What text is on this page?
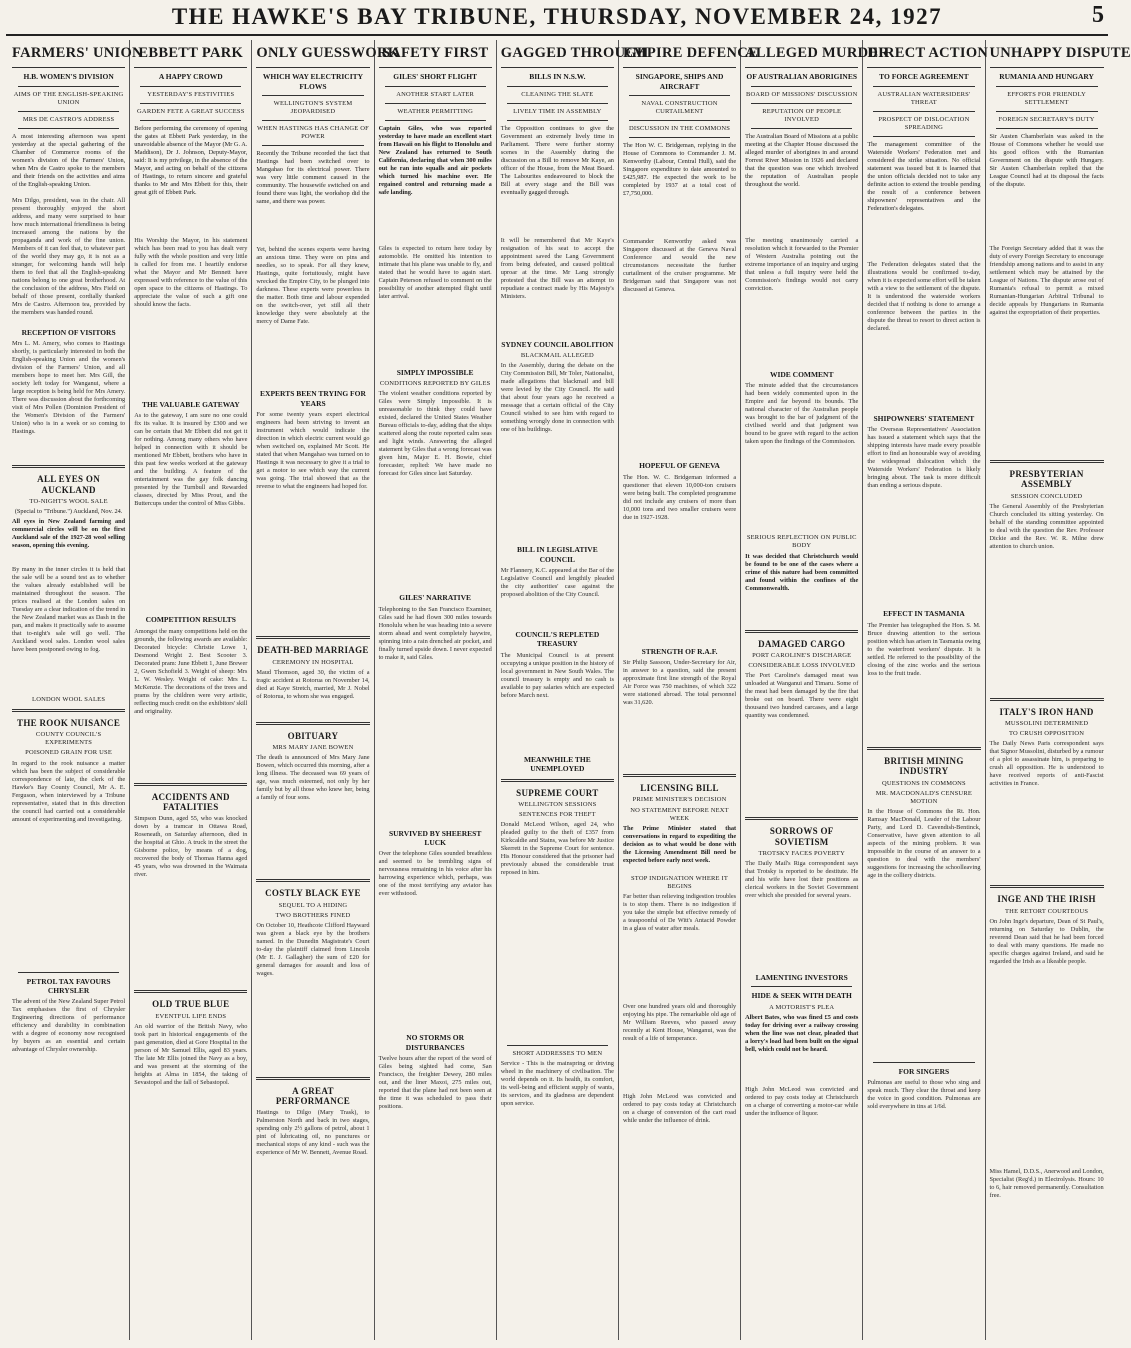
THE HAWKE'S BAY TRIBUNE, THURSDAY, NOVEMBER 24, 1927	5
FARMERS' UNION
H.B. WOMEN'S DIVISION
AIMS OF THE ENGLISH-SPEAKING UNION
MRS DE CASTRO'S ADDRESS
A most interesting afternoon was spent yesterday at the special gathering of the Chamber of Commerce rooms of the women's division of the Farmers' Union, when Mrs de Castro spoke to the members and their friends on the activities and aims of the English-speaking Union.
Mrs Dilgo, president, was in the chair. All present thoroughly enjoyed the short address, and many were surprised to hear how much international friendliness is being increased among the nations by the propaganda and work of the fine union. Members of it can feel that, to whatever part of the world they may go, it is not as a stranger, for welcoming hands will help them to feel that all the English-speaking nations belong to one great brotherhood. At the conclusion of the address, Mrs Field on behalf of those present, cordially thanked Mrs de Castro. Afternoon tea, provided by the members was handed round.
RECEPTION OF VISITORS
Mrs L. M. Amery, who comes to Hastings shortly, is particularly interested in both the English-speaking Union and the women's division of the Farmers' Union, and all members hope to meet her. Mrs Gill, the society left today for Wanganui, where a large reception is being held for Mrs Amery. There was discussion about the forthcoming visit of Mrs Pollen (Dominion President of the Women's Division of the Farmers' Union) who is in a week or so coming to Hastings.
ALL EYES ON AUCKLAND
TO-NIGHT'S WOOL SALE
(Special to "Tribune.") Auckland, Nov. 24.
All eyes in New Zealand farming and commercial circles will be on the first Auckland sale of the 1927-28 wool selling season, opening this evening.
By many in the inner circles it is held that the sale will be a sound test as to whether the values already established will be maintained throughout the season. The prices realised at the London sales on Tuesday are a clear indication of the trend in the New Zealand market was as Dash in the pan, and makes it practically safe to assume that to-night's sale will go well. The Auckland wool sales. London wool sales have been postponed owing to fog.
LONDON WOOL SALES
THE ROOK NUISANCE
COUNTY COUNCIL'S EXPERIMENTS
POISONED GRAIN FOR USE
In regard to the rook nuisance a matter which has been the subject of considerable correspondence of late, the clerk of the Hawke's Bay County Council, Mr A. E. Ferguson, when interviewed by a Tribune representative, stated that in this direction the council had carried out a considerable amount of experimenting and investigating.
PETROL TAX FAVOURS CHRYSLER
The advent of the New Zealand Super Petrol Tax emphasises the first of Chrysler Engineering directions of performance efficiency and durability in combination with a degree of economy now recognised by buyers as an essential and certain advantage of Chrysler ownership.
EBBETT PARK
A HAPPY CROWD
YESTERDAY'S FESTIVITIES
GARDEN FETE A GREAT SUCCESS
Before performing the ceremony of opening the gates at Ebbett Park yesterday, in the unavoidable absence of the Mayor (Mr G. A. Maddison), Dr J. Johnson, Deputy-Mayor, said: It is my privilege, in the absence of the Mayor, and acting on behalf of the citizens of Hastings, to return sincere and grateful thanks to Mr and Mrs Ebbett for this, their great gift of Ebbett Park.
His Worship the Mayor, in his statement which has been read to you has dealt very fully with the whole position and very little is called for from me. I heartily endorse what the Mayor and Mr Bennett have expressed with reference to the value of this open space to the citizens of Hastings. To appreciate the value of such a gift one should know the facts.
THE VALUABLE GATEWAY
As to the gateway, I am sure no one could fix its value. It is insured by £300 and we can be certain that Mr Ebbett did not get it for nothing. Among many others who have helped in connection with it should be mentioned Mr Ebbett, brothers who have in this past few weeks worked at the gateway and the building. A feature of the entertainment was the gay folk dancing presented by the Turnbull and Rewarded classes, directed by Miss Prout, and the Buttercups under the control of Miss Gibbs.
COMPETITION RESULTS
Amongst the many competitions held on the grounds, the following awards are available: Decorated bicycle: Christie Lowe 1, Desmond Wright 2. Best Scooter 3. Decorated pram: June Ebbett 1, June Brewer 2, Gwen Schofield 3. Weight of sheep: Mrs L. W. Wesley. Weight of cake: Mrs L. McKenzie. The decorations of the trees and prams by the children were very artistic, reflecting much credit on the exhibitors' skill and originality.
ACCIDENTS AND FATALITIES
Simpson Dunn, aged 55, who was knocked down by a tramcar in Ottawa Road, Roseneath, on Saturday afternoon, died in the hospital at Ghio. A truck in the street the Gisborne police, by means of a dog, recovered the body of Thomas Hanna aged 45 years, who was drowned in the Waimata river.
OLD TRUE BLUE
EVENTFUL LIFE ENDS
An old warrior of the British Navy, who took part in historical engagements of the past generation, died at Gore Hospital in the person of Mr Samuel Ellis, aged 83 years. The late Mr Ellis joined the Navy as a boy, and was present at the storming of the heights at Alma in 1854, the taking of Sevastopol and the fall of Sebastopol.
ONLY GUESSWORK
WHICH WAY ELECTRICITY FLOWS
WELLINGTON'S SYSTEM JEOPARDISED
WHEN HASTINGS HAS CHANGE OF POWER
Recently the Tribune recorded the fact that Hastings had been switched over to Mangahao for its electrical power. There was very little comment caused in the community. The housewife switched on and found there was light, the workshop did the same, and there was power.
Yet, behind the scenes experts were having an anxious time. They were on pins and needles, so to speak. For all they knew, Hastings, quite fortuitously, might have wrecked the Empire City, to be plunged into darkness. These experts were powerless in the matter. Both time and labour expended on the switch-over, yet still all their knowledge they were absolutely at the mercy of Dame Fate.
EXPERTS BEEN TRYING FOR YEARS
For some twenty years expert electrical engineers had been striving to invent an instrument which would indicate the direction in which electric current would go when switched on, explained Mr Scott. He stated that when Mangahao was turned on to Hastings it was necessary to give it a trial to get a motor to see which way the current was going. The trial showed that as the reverse to what the engineers had hoped for.
DEATH-BED MARRIAGE
CEREMONY IN HOSPITAL
Maud Thomson, aged 30, the victim of a tragic accident at Rotorua on November 14, died at Kaye Stretch, married, Mr J. Nobel of Rotorua, to whom she was engaged.
OBITUARY
MRS MARY JANE BOWEN
The death is announced of Mrs Mary Jane Bowen, which occurred this morning, after a long illness. The deceased was 69 years of age, was much esteemed, not only by her family but by all those who knew her, being a family of four sons.
COSTLY BLACK EYE
SEQUEL TO A HIDING
TWO BROTHERS FINED
On October 10, Heathcote Clifford Hayward was given a black eye by the brothers named. In the Dunedin Magistrate's Court to-day the plaintiff claimed from Lincoln (Mr E. J. Gallagher) the sum of £20 for general damages for assault and loss of wages.
A GREAT PERFORMANCE
Hastings to Dilgo (Mary Trask), to Palmerston North and back in two stages, spending only 2½ gallons of petrol, about 1 pint of lubricating oil, no punctures or mechanical stops of any kind - such was the experience of Mr W. Bennett, Avenue Road.
SAFETY FIRST
GILES' SHORT FLIGHT
ANOTHER START LATER
WEATHER PERMITTING
Captain Giles, who was reported yesterday to have made an excellent start from Hawaii on his flight to Honolulu and New Zealand has returned to South California, declaring that when 300 miles out he ran into squalls and air pockets which turned his machine over. He regained control and returning made a safe landing.
Giles is expected to return here today by automobile. He omitted his intention to intimate that his plane was unable to fly, and stated that he would have to again start. Captain Peterson refused to comment on the possibility of another attempted flight until later arrival.
SIMPLY IMPOSSIBLE
CONDITIONS REPORTED BY GILES
The violent weather conditions reported by Giles were Simply impossible. It is unreasonable to think they could have existed, declared the United States Weather Bureau officials to-day, adding that the ships scattered along the route reported calm seas and light winds. Answering the alleged statement by Giles that a wrong forecast was given him, Major E. H. Bowie, chief forecaster, replied: We have made no forecast for Giles since last Saturday.
GILES' NARRATIVE
Telephoning to the San Francisco Examiner, Giles said he had flown 300 miles towards Honolulu when he was heading into a severe storm ahead and went completely haywire, spinning into a rain drenched air pocket, and finally turned upside down. I never expected to make it, said Giles.
SURVIVED BY SHEEREST LUCK
Over the telephone Giles sounded breathless and seemed to be trembling signs of nervousness remaining in his voice after his harrowing experience which, perhaps, was one of the most terrifying any aviator has ever withstood.
NO STORMS OR DISTURBANCES
Twelve hours after the report of the word of Giles being sighted had come, San Francisco, the freighter Dewey, 280 miles out, and the liner Maxoi, 275 miles out, reported that the plane had not been seen at the time it was scheduled to pass their positions.
GAGGED THROUGH
BILLS IN N.S.W.
CLEANING THE SLATE
LIVELY TIME IN ASSEMBLY
The Opposition continues to give the Government an extremely lively time in Parliament. There were further stormy scenes in the Assembly during the discussion on a Bill to remove Mr Kaye, an officer of the House, from the Meat Board. The Labourites endeavoured to block the Bill at every stage and the Bill was eventually gagged through.
It will be remembered that Mr Kaye's resignation of his seat to accept the appointment saved the Lang Government from being defeated, and caused political uproar at the time. Mr Lang strongly protested that the Bill was an attempt to repudiate a contract made by His Majesty's Ministers.
SYDNEY COUNCIL ABOLITION
BLACKMAIL ALLEGED
In the Assembly, during the debate on the City Commission Bill, Mr Toler, Nationalist, made allegations that blackmail and bill were levied by the City Council. He said that about four years ago he received a message that a certain official of the City Council wished to see him with regard to something wrongly done in connection with one of his buildings.
BILL IN LEGISLATIVE COUNCIL
Mr Flannery, K.C. appeared at the Bar of the Legislative Council and lengthily pleaded the city authorities' case against the proposed abolition of the City Council.
COUNCIL'S REPLETED TREASURY
The Municipal Council is at present occupying a unique position in the history of local government in New South Wales. The council treasury is empty and no cash is available to pay salaries which are expected before March next.
MEANWHILE THE UNEMPLOYED
SUPREME COURT
WELLINGTON SESSIONS
SENTENCES FOR THEFT
Donald McLeod Wilson, aged 24, who pleaded guilty to the theft of £357 from Kirkcaldie and Stains, was before Mr Justice Skerrett in the Supreme Court for sentence. His Honour considered that the prisoner had previously abused the considerable trust reposed in him.
SHORT ADDRESSES TO MEN
Service - This is the mainspring or driving wheel in the machinery of civilisation. The world depends on it. Its health, its comfort, its well-being and efficient supply of wants, its services, and its gladness are dependent upon service.
EMPIRE DEFENCE
SINGAPORE, SHIPS AND AIRCRAFT
NAVAL CONSTRUCTION CURTAILMENT
DISCUSSION IN THE COMMONS
The Hon W. C. Bridgeman, replying in the House of Commons to Commander J. M. Kenworthy (Labour, Central Hull), said the Singapore expenditure to date amounted to £425,987. He expected the work to be completed by 1937 at a total cost of £7,750,000.
Commander Kenworthy asked was Singapore discussed at the Geneva Naval Conference and would the new circumstances necessitate the further curtailment of the cruiser programme. Mr Bridgeman said that Singapore was not discussed at Geneva.
HOPEFUL OF GENEVA
The Hon. W. C. Bridgeman informed a questioner that eleven 10,000-ton cruisers were being built. The completed programme did not include any cruisers of more than 10,000 tons and two smaller cruisers were due in 1927-1928.
STRENGTH OF R.A.F.
Sir Philip Sassoon, Under-Secretary for Air, in answer to a question, said the present approximate first line strength of the Royal Air Force was 750 machines, of which 322 were stationed abroad. The total personnel was 31,620.
LICENSING BILL
PRIME MINISTER'S DECISION
NO STATEMENT BEFORE NEXT WEEK
The Prime Minister stated that conversations in regard to expediting the decision as to what would be done with the Licensing Amendment Bill need be expected before early next week.
STOP INDIGNATION WHERE IT BEGINS
Far better than relieving indigestion troubles is to stop them. There is no indigestion if you take the simple but effective remedy of a teaspoonful of De Witt's Antacid Powder in a glass of water after meals.
Over one hundred years old and thoroughly enjoying his pipe. The remarkable old age of Mr William Reeves, who passed away recently at Kent House, Wanganui, was the result of a life of temperance.
High John McLeod was convicted and ordered to pay costs today at Christchurch on a charge of conversion of the cart road while under the influence of drink.
ALLEGED MURDER
OF AUSTRALIAN ABORIGINES
BOARD OF MISSIONS' DISCUSSION
REPUTATION OF PEOPLE INVOLVED
The Australian Board of Missions at a public meeting at the Chapter House discussed the alleged murder of aborigines in and around Forrest River Mission in 1926 and declared that the question was one which involved the reputation of Australian people throughout the world.
The meeting unanimously carried a resolution which it forwarded to the Premier of Western Australia pointing out the extreme importance of an inquiry and urging that unless a full inquiry were held the Commission's findings would not carry conviction.
WIDE COMMENT
The minute added that the circumstances had been widely commented upon in the Empire and far beyond its bounds. The national character of the Australian people was brought to the bar of judgment of the civilised world and that judgment was bound to be grave with regard to the action taken upon the findings of the Commission.
SERIOUS REFLECTION ON PUBLIC BODY
It was decided that Christchurch would be found to be one of the cases where a crime of this nature had been committed and found within the confines of the Commonwealth.
DAMAGED CARGO
PORT CAROLINE'S DISCHARGE
CONSIDERABLE LOSS INVOLVED
The Port Caroline's damaged meat was unloaded at Wanganui and Timaru. Some of the meat had been damaged by the fire that broke out on board. There were eight thousand two hundred carcases, and a large quantity was condemned.
SORROWS OF SOVIETISM
TROTSKY FACES POVERTY
The Daily Mail's Riga correspondent says that Trotsky is reported to be destitute. He and his wife have lost their positions as clerical workers in the Soviet Government over which she presided for several years.
LAMENTING INVESTORS
HIDE & SEEK WITH DEATH
A MOTORIST'S PLEA
Albert Bates, who was fined £5 and costs today for driving over a railway crossing when the line was not clear, pleaded that a lorry's load had been built on the signal bell, which could not be heard.
High John McLeod was convicted and ordered to pay costs today at Christchurch on a charge of converting a motor-car while under the influence of liquor.
DIRECT ACTION
TO FORCE AGREEMENT
AUSTRALIAN WATERSIDERS' THREAT
PROSPECT OF DISLOCATION SPREADING
The management committee of the Waterside Workers' Federation met and considered the strike situation. No official statement was issued but it is learned that the union officials decided not to take any definite action to extend the trouble pending the result of a conference between shipowners' representatives and the Federation's delegates.
The Federation delegates stated that the illustrations would be confirmed to-day, when it is expected some effort will be taken with a view to the settlement of the dispute. It is understood the waterside workers decided that if nothing is done to arrange a conference between the parties in the dispute the threat to resort to direct action is declared.
SHIPOWNERS' STATEMENT
The Overseas Representatives' Association has issued a statement which says that the shipping interests have made every possible effort to find an honourable way of avoiding the widespread dislocation which the Waterside Workers' Federation is likely bringing about. The task is more difficult than ending a serious dispute.
EFFECT IN TASMANIA
The Premier has telegraphed the Hon. S. M. Bruce drawing attention to the serious position which has arisen in Tasmania owing to the waterfront workers' dispute. It is settled. He referred to the possibility of the closing of the zinc works and the serious loss to the fruit trade.
BRITISH MINING INDUSTRY
QUESTIONS IN COMMONS
MR. MACDONALD'S CENSURE MOTION
In the House of Commons the Rt. Hon. Ramsay MacDonald, Leader of the Labour Party, and Lord D. Cavendish-Bentinck, Conservative, have given attention to all aspects of the mining problem. It was impossible in the course of an answer to a question to deal with the members' suggestions for increasing the schoolleaving age in the colliery districts.
FOR SINGERS
Pulmonas are useful to those who sing and speak much. They clear the throat and keep the voice in good condition. Pulmonas are sold everywhere in tins at 1/6d.
UNHAPPY DISPUTE
RUMANIA AND HUNGARY
EFFORTS FOR FRIENDLY SETTLEMENT
FOREIGN SECRETARY'S DUTY
Sir Austen Chamberlain was asked in the House of Commons whether he would use his good offices with the Rumanian Government on the dispute with Hungary. Sir Austen Chamberlain replied that the League Council had at its disposal the facts of the dispute.
The Foreign Secretary added that it was the duty of every Foreign Secretary to encourage friendship among nations and to assist in any settlement which may be attained by the League of Nations. The dispute arose out of Rumania's refusal to permit a mixed Rumanian-Hungarian Arbitral Tribunal to decide appeals by Hungarians in Rumania against the expropriation of their properties.
PRESBYTERIAN ASSEMBLY
SESSION CONCLUDED
The General Assembly of the Presbyterian Church concluded its sitting yesterday. On behalf of the standing committee appointed to deal with the question the Rev. Professor Dickie and the Rev. W. R. Milne drew attention to church union.
ITALY'S IRON HAND
MUSSOLINI DETERMINED
TO CRUSH OPPOSITION
The Daily News Paris correspondent says that Signor Mussolini, disturbed by a rumour of a plot to assassinate him, is preparing to crush all opposition. He is understood to have received reports of anti-Fascist activities in France.
INGE AND THE IRISH
THE RETORT COURTEOUS
On John Inge's departure, Dean of St Paul's, returning on Saturday to Dublin, the reverend Dean said that he had been forced to deal with many questions. He made no specific charges against Ireland, and said he regarded the Irish as a likeable people.
Miss Hamel, D.D.S., Anerwood and London, Specialist (Reg'd.) in Electrolysis. Hours: 10 to 6, hair removed permanently. Consultation free.
